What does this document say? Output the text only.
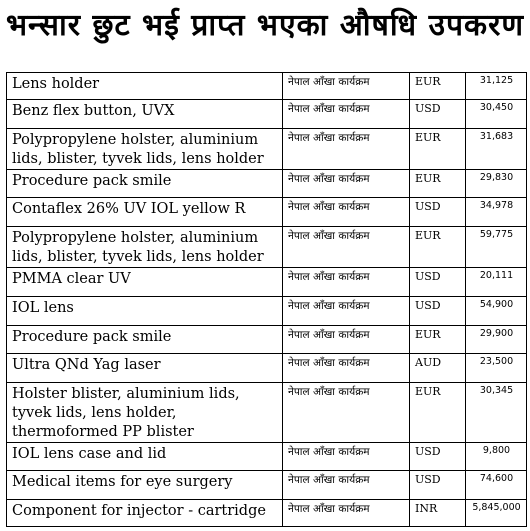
भन्सार छुट भई प्राप्त भएका औषधि उपकरण
Lens holder	नेपाल आँखा कार्यक्रम	EUR	31,125
Benz flex button, UVX	नेपाल आँखा कार्यक्रम	USD	30,450
Polypropylene holster, aluminium lids, blister, tyvek lids, lens holder	नेपाल आँखा कार्यक्रम	EUR	31,683
Procedure pack smile	नेपाल आँखा कार्यक्रम	EUR	29,830
Contaflex 26% UV IOL yellow R	नेपाल आँखा कार्यक्रम	USD	34,978
Polypropylene holster, aluminium lids, blister, tyvek lids, lens holder	नेपाल आँखा कार्यक्रम	EUR	59,775
PMMA clear UV	नेपाल आँखा कार्यक्रम	USD	20,111
IOL lens	नेपाल आँखा कार्यक्रम	USD	54,900
Procedure pack smile	नेपाल आँखा कार्यक्रम	EUR	29,900
Ultra QNd Yag laser	नेपाल आँखा कार्यक्रम	AUD	23,500
Holster blister, aluminium lids, tyvek lids, lens holder, thermoformed PP blister	नेपाल आँखा कार्यक्रम	EUR	30,345
IOL lens case and lid	नेपाल आँखा कार्यक्रम	USD	9,800
Medical items for eye surgery	नेपाल आँखा कार्यक्रम	USD	74,600
Component for injector - cartridge	नेपाल आँखा कार्यक्रम	INR	5,845,000
